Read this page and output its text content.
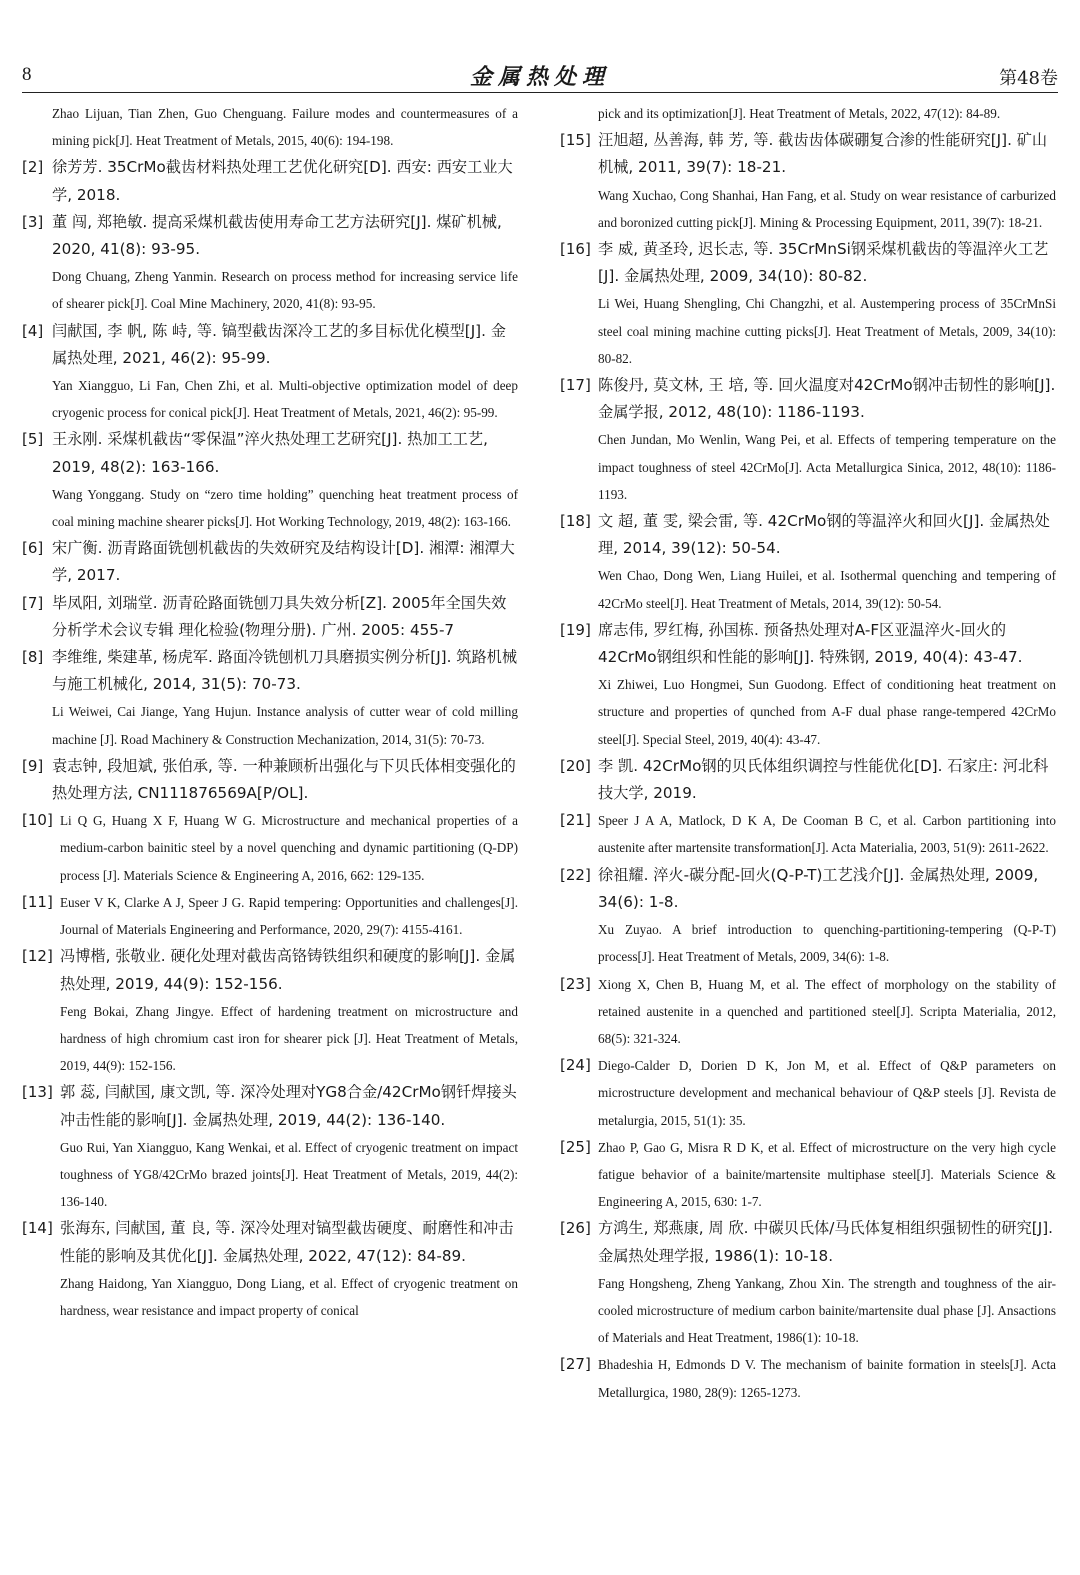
8	金属热处理	第48卷
Zhao Lijuan, Tian Zhen, Guo Chenguang. Failure modes and countermeasures of a mining pick[J]. Heat Treatment of Metals, 2015, 40(6): 194-198.
[2] 徐芳芳. 35CrMo截齿材料热处理工艺优化研究[D]. 西安: 西安工业大学, 2018.
[3] 董 闯, 郑艳敏. 提高采煤机截齿使用寿命工艺方法研究[J]. 煤矿机械, 2020, 41(8): 93-95.
Dong Chuang, Zheng Yanmin. Research on process method for increasing service life of shearer pick[J]. Coal Mine Machinery, 2020, 41(8): 93-95.
[4] 闫献国, 李 帆, 陈 峙, 等. 镐型截齿深冷工艺的多目标优化模型[J]. 金属热处理, 2021, 46(2): 95-99.
Yan Xiangguo, Li Fan, Chen Zhi, et al. Multi-objective optimization model of deep cryogenic process for conical pick[J]. Heat Treatment of Metals, 2021, 46(2): 95-99.
[5] 王永刚. 采煤机截齿“零保温”淬火热处理工艺研究[J]. 热加工工艺, 2019, 48(2): 163-166.
Wang Yonggang. Study on “zero time holding” quenching heat treatment process of coal mining machine shearer picks[J]. Hot Working Technology, 2019, 48(2): 163-166.
[6] 宋广衡. 沥青路面铣刨机截齿的失效研究及结构设计[D]. 湘潭: 湘潭大学, 2017.
[7] 毕凤阳, 刘瑞堂. 沥青砼路面铣刨刀具失效分析[Z]. 2005年全国失效分析学术会议专辑 理化检验(物理分册). 广州. 2005: 455-7
[8] 李维维, 柴建革, 杨虎军. 路面冷铣刨机刀具磨损实例分析[J]. 筑路机械与施工机械化, 2014, 31(5): 70-73.
Li Weiwei, Cai Jiange, Yang Hujun. Instance analysis of cutter wear of cold milling machine [J]. Road Machinery & Construction Mechanization, 2014, 31(5): 70-73.
[9] 袁志钟, 段旭斌, 张伯承, 等. 一种兼顾析出强化与下贝氏体相变强化的热处理方法, CN111876569A[P/OL].
[10] Li Q G, Huang X F, Huang W G. Microstructure and mechanical properties of a medium-carbon bainitic steel by a novel quenching and dynamic partitioning (Q-DP) process [J]. Materials Science & Engineering A, 2016, 662: 129-135.
[11] Euser V K, Clarke A J, Speer J G. Rapid tempering: Opportunities and challenges[J]. Journal of Materials Engineering and Performance, 2020, 29(7): 4155-4161.
[12] 冯博楷, 张敬业. 硬化处理对截齿高铬铸铁组织和硬度的影响[J]. 金属热处理, 2019, 44(9): 152-156.
Feng Bokai, Zhang Jingye. Effect of hardening treatment on microstructure and hardness of high chromium cast iron for shearer pick [J]. Heat Treatment of Metals, 2019, 44(9): 152-156.
[13] 郭 蕊, 闫献国, 康文凯, 等. 深冷处理对YG8合金/42CrMo钢钎焊接头冲击性能的影响[J]. 金属热处理, 2019, 44(2): 136-140.
Guo Rui, Yan Xiangguo, Kang Wenkai, et al. Effect of cryogenic treatment on impact toughness of YG8/42CrMo brazed joints[J]. Heat Treatment of Metals, 2019, 44(2): 136-140.
[14] 张海东, 闫献国, 董 良, 等. 深冷处理对镐型截齿硬度、耐磨性和冲击性能的影响及其优化[J]. 金属热处理, 2022, 47(12): 84-89.
Zhang Haidong, Yan Xiangguo, Dong Liang, et al. Effect of cryogenic treatment on hardness, wear resistance and impact property of conical
pick and its optimization[J]. Heat Treatment of Metals, 2022, 47(12): 84-89.
[15] 汪旭超, 丛善海, 韩 芳, 等. 截齿齿体碳硼复合渗的性能研究[J]. 矿山机械, 2011, 39(7): 18-21.
Wang Xuchao, Cong Shanhai, Han Fang, et al. Study on wear resistance of carburized and boronized cutting pick[J]. Mining & Processing Equipment, 2011, 39(7): 18-21.
[16] 李 威, 黄圣玲, 迟长志, 等. 35CrMnSi钢采煤机截齿的等温淬火工艺[J]. 金属热处理, 2009, 34(10): 80-82.
Li Wei, Huang Shengling, Chi Changzhi, et al. Austempering process of 35CrMnSi steel coal mining machine cutting picks[J]. Heat Treatment of Metals, 2009, 34(10): 80-82.
[17] 陈俊丹, 莫文林, 王 培, 等. 回火温度对42CrMo钢冲击韧性的影响[J]. 金属学报, 2012, 48(10): 1186-1193.
Chen Jundan, Mo Wenlin, Wang Pei, et al. Effects of tempering temperature on the impact toughness of steel 42CrMo[J]. Acta Metallurgica Sinica, 2012, 48(10): 1186-1193.
[18] 文 超, 董 雯, 梁会雷, 等. 42CrMo钢的等温淬火和回火[J]. 金属热处理, 2014, 39(12): 50-54.
Wen Chao, Dong Wen, Liang Huilei, et al. Isothermal quenching and tempering of 42CrMo steel[J]. Heat Treatment of Metals, 2014, 39(12): 50-54.
[19] 席志伟, 罗红梅, 孙国栋. 预备热处理对A-F区亚温淬火-回火的42CrMo钢组织和性能的影响[J]. 特殊钢, 2019, 40(4): 43-47.
Xi Zhiwei, Luo Hongmei, Sun Guodong. Effect of conditioning heat treatment on structure and properties of qunched from A-F dual phase range-tempered 42CrMo steel[J]. Special Steel, 2019, 40(4): 43-47.
[20] 李 凯. 42CrMo钢的贝氏体组织调控与性能优化[D]. 石家庄: 河北科技大学, 2019.
[21] Speer J A A, Matlock, D K A, De Cooman B C, et al. Carbon partitioning into austenite after martensite transformation[J]. Acta Materialia, 2003, 51(9): 2611-2622.
[22] 徐祖耀. 淬火-碳分配-回火(Q-P-T)工艺浅介[J]. 金属热处理, 2009, 34(6): 1-8.
Xu Zuyao. A brief introduction to quenching-partitioning-tempering (Q-P-T) process[J]. Heat Treatment of Metals, 2009, 34(6): 1-8.
[23] Xiong X, Chen B, Huang M, et al. The effect of morphology on the stability of retained austenite in a quenched and partitioned steel[J]. Scripta Materialia, 2012, 68(5): 321-324.
[24] Diego-Calder D, Dorien D K, Jon M, et al. Effect of Q&P parameters on microstructure development and mechanical behaviour of Q&P steels [J]. Revista de metalurgia, 2015, 51(1): 35.
[25] Zhao P, Gao G, Misra R D K, et al. Effect of microstructure on the very high cycle fatigue behavior of a bainite/martensite multiphase steel[J]. Materials Science & Engineering A, 2015, 630: 1-7.
[26] 方鸿生, 郑燕康, 周 欣. 中碳贝氏体/马氏体复相组织强韧性的研究[J]. 金属热处理学报, 1986(1): 10-18.
Fang Hongsheng, Zheng Yankang, Zhou Xin. The strength and toughness of the air-cooled microstructure of medium carbon bainite/martensite dual phase [J]. Ansactions of Materials and Heat Treatment, 1986(1): 10-18.
[27] Bhadeshia H, Edmonds D V. The mechanism of bainite formation in steels[J]. Acta Metallurgica, 1980, 28(9): 1265-1273.
